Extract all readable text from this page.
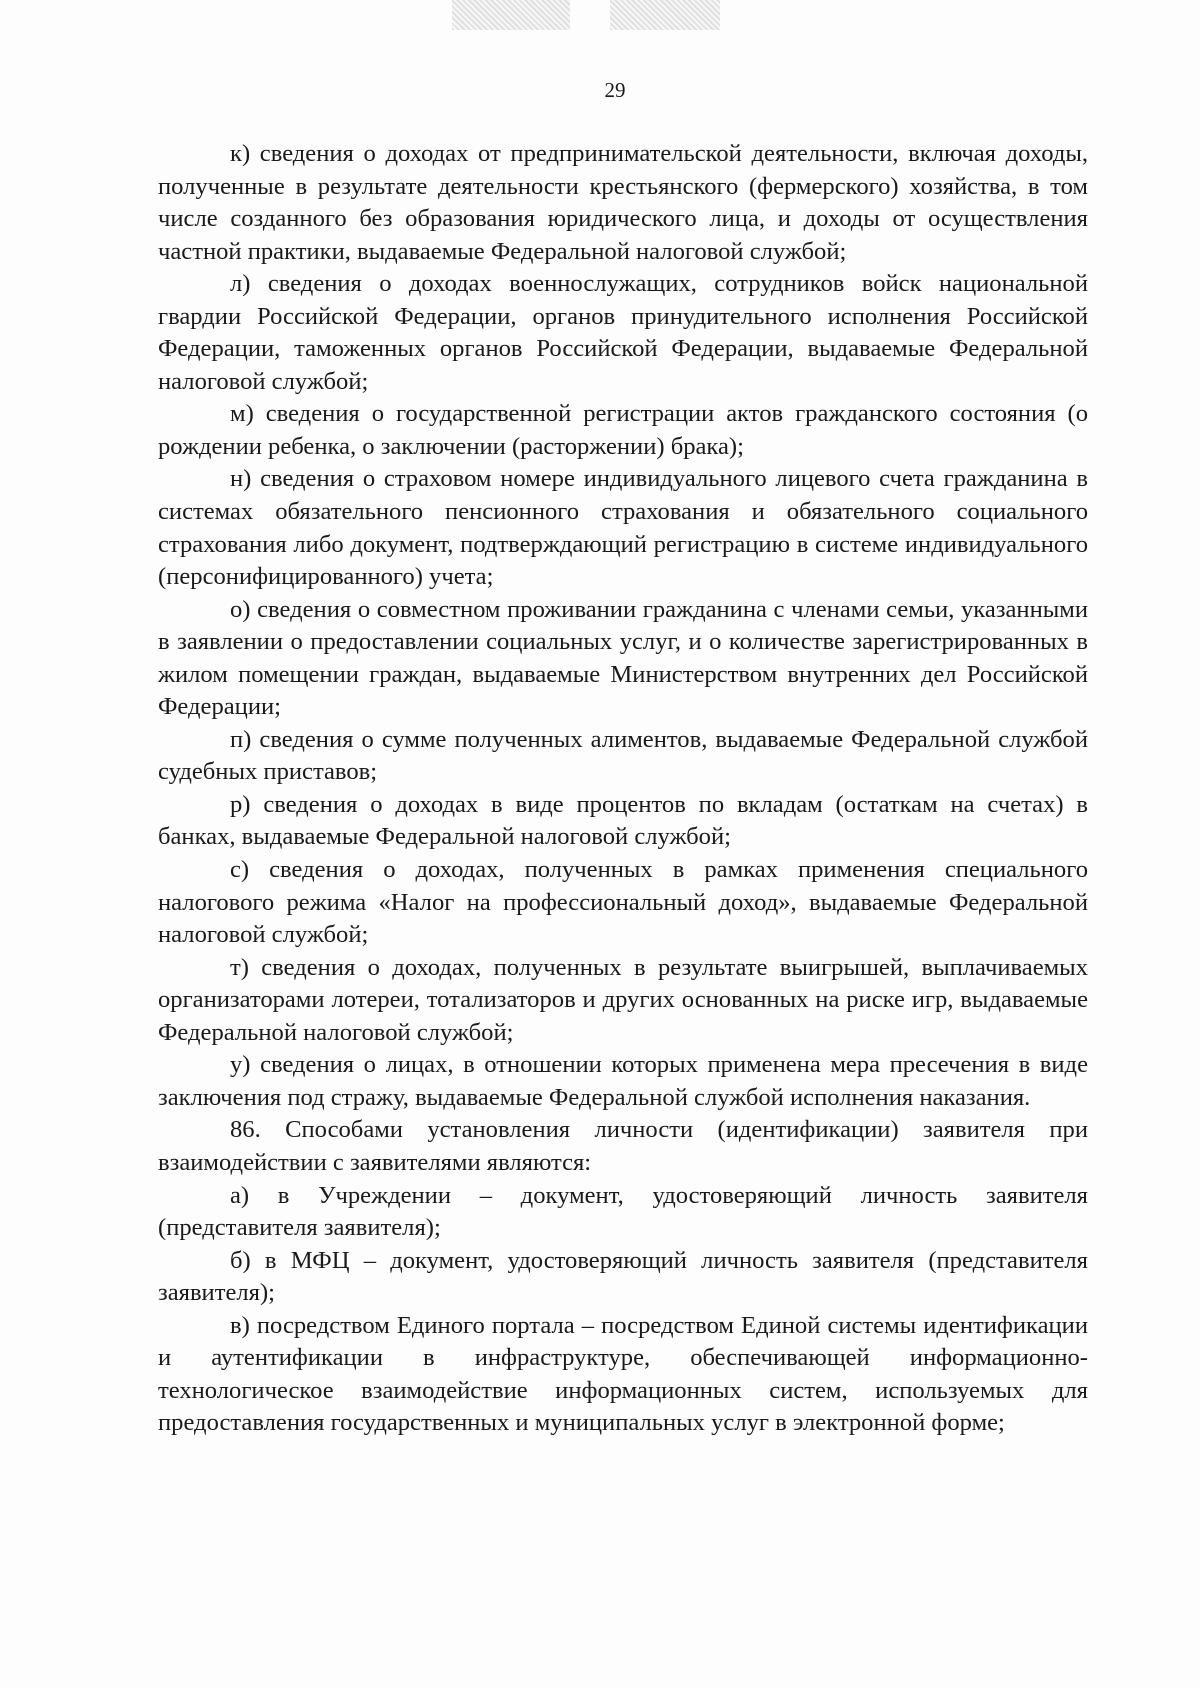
29

к) сведения о доходах от предпринимательской деятельности, включая доходы, полученные в результате деятельности крестьянского (фермерского) хозяйства, в том числе созданного без образования юридического лица, и доходы от осуществления частной практики, выдаваемые Федеральной налоговой службой;

л) сведения о доходах военнослужащих, сотрудников войск национальной гвардии Российской Федерации, органов принудительного исполнения Российской Федерации, таможенных органов Российской Федерации, выдаваемые Федеральной налоговой службой;

м) сведения о государственной регистрации актов гражданского состояния (о рождении ребенка, о заключении (расторжении) брака);

н) сведения о страховом номере индивидуального лицевого счета гражданина в системах обязательного пенсионного страхования и обязательного социального страхования либо документ, подтверждающий регистрацию в системе индивидуального (персонифицированного) учета;

о) сведения о совместном проживании гражданина с членами семьи, указанными в заявлении о предоставлении социальных услуг, и о количестве зарегистрированных в жилом помещении граждан, выдаваемые Министерством внутренних дел Российской Федерации;

п) сведения о сумме полученных алиментов, выдаваемые Федеральной службой судебных приставов;

р) сведения о доходах в виде процентов по вкладам (остаткам на счетах) в банках, выдаваемые Федеральной налоговой службой;

с) сведения о доходах, полученных в рамках применения специального налогового режима «Налог на профессиональный доход», выдаваемые Федеральной налоговой службой;

т) сведения о доходах, полученных в результате выигрышей, выплачиваемых организаторами лотереи, тотализаторов и других основанных на риске игр, выдаваемые Федеральной налоговой службой;

у) сведения о лицах, в отношении которых применена мера пресечения в виде заключения под стражу, выдаваемые Федеральной службой исполнения наказания.

86. Способами установления личности (идентификации) заявителя при взаимодействии с заявителями являются:

а) в Учреждении – документ, удостоверяющий личность заявителя (представителя заявителя);

б) в МФЦ – документ, удостоверяющий личность заявителя (представителя заявителя);

в) посредством Единого портала – посредством Единой системы идентификации и аутентификации в инфраструктуре, обеспечивающей информационно-технологическое взаимодействие информационных систем, используемых для предоставления государственных и муниципальных услуг в электронной форме;
